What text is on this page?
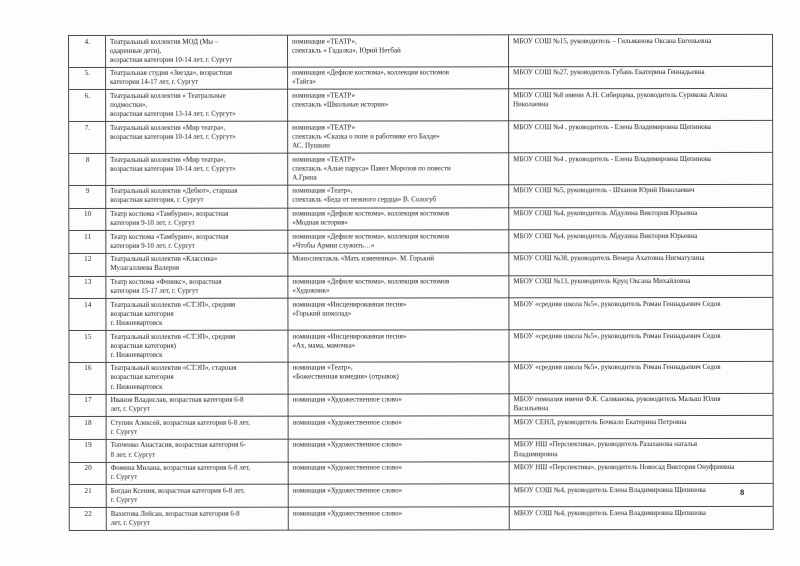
4.	Театральный коллектив МОД (Мы –
одаренные дети),
возрастная категория 10-14 лет, г. Сургут	номинация «ТЕАТР»,
спектакль « Гадалка», Юрий Нетбай	МБОУ СОШ №15, руководитель – Гильманова Оксана Евгеньевна

5.	Театральная студия «Звезда», возрастная
категория 14-17 лет, г. Сургут	номинация «Дефиле костюма», коллекция костюмов
«Тайга»	МБОУ СОШ №27, руководитель Губань Екатерина Геннадьевна

6.	Театральный коллектив « Театральные
подмостки»,
возрастная категория 13-14 лет, г. Сургут»	номинация «ТЕАТР»
спектакль «Школьные истории»	МБОУ СОШ №8 имени А.Н. Сибирцева, руководитель Сурикова Алена
Николаевна

7.	Театральный коллектив «Мир театра»,
возрастная категория 10-14 лет, г. Сургут»	номинация «ТЕАТР»
спектакль «Сказка о попе и работнике его Балде»
АС. Пушкин	МБОУ СОШ №4 , руководитель - Елена Владимировна Щепинова

8	Театральный коллектив «Мир театра»,
возрастная категория 10-14 лет, г. Сургут»	номинация «ТЕАТР»
спектакль «Алые паруса» Павел Морозов по повести
А.Грина	МБОУ СОШ №4 , руководитель - Елена Владимировна Щепинова

9	Театральный коллектив «Дебют», старшая
возрастная категория, г. Сургут	номинация «Театр»,
спектакль «Беда от нежного сердца» В. Сологуб	МБОУ СОШ №5, руководитель - Шханов Юрий Николаевич

10	Театр костюма «Тамбурин», возрастная
категория 9-10 лет, г. Сургут	номинация «Дефиле костюма», коллекция костюмов
«Модная история»	МБОУ СОШ №4, руководитель Абдулина Виктория Юрьевна

11	Театр костюма «Тамбурин», возрастная
категория 9-10 лет, г. Сургут	номинация «Дефиле костюма», коллекция костюмов
«Чтобы Армии служить…»	МБОУ СОШ №4, руководитель Абдулина Виктория Юрьевна

12	Театральный коллектив «Классика»
Мулагаллиева Валерия	Моноспектакль «Мать изменника». М. Горький	МБОУ СОШ №38, руководитель Венера Ахатовна Нигматулина

13	Театр костюма «Феникс», возрастная
категория 15-17 лет, г. Сургут	номинация «Дефиле костюма», коллекция костюмов
«Художник»	МБОУ СОШ №13, руководитель Круц Оксана Михайловна

14	Театральный коллектив «СТЭП», средняя
возрастная категория
г. Нижневартовск	номинация «Инсценированная песня»
«Горький шоколад»	МБОУ «средняя школа №5», руководитель Роман Геннадьевич Седов

15	Театральный коллектив «СТЭП», средняя
возрастная категория)
г. Нижневартовск	номинация «Инсценированная песня»
«Ах, мама, мамочка»	МБОУ «средняя школа №5», руководитель Роман Геннадьевич Седов

16	Театральный коллектив «СТЭП», старшая
возрастная категория
г. Нижневартовск	номинация «Театр»,
«Божественная комедия» (отрывок)	МБОУ «средняя школа №5», руководитель Роман Геннадьевич Седов

17	Иванов Владислав, возрастная категория 6-8
лет, г. Сургут	номинация «Художественное слово»	МБОУ гимназия имени Ф.К. Салманова, руководитель Малыш Юлия
Васильевна

18	Ступин Алексей, возрастная категория 6-8 лет,
г. Сургут	номинация «Художественное слово»	МБОУ СЕНЛ, руководитель Бочкало Екатерина Петровна

19	Топченко Анастасия, возрастная категория 6-
8 лет, г. Сургут	номинация «Художественное слово»	МБОУ НШ «Перспектива», руководитель Разаханова наталья
Владимировна

20	Фомина Милана, возрастная категория 6-8 лет,
г. Сургут	номинация «Художественное слово»	МБОУ НШ «Перспектива», руководитель Новосад Виктория Онуфриевна

21	Богдан Ксения, возрастная категория 6-8 лет,
г. Сургут	номинация «Художественное слово»	МБОУ СОШ №4, руководитель Елена Владимировна Щепинова

22	Вахитова Лейсан, возрастная категория 6-8
лет, г. Сургут	номинация «Художественное слово»	МБОУ СОШ №4, руководитель Елена Владимировна Щепинова
8
